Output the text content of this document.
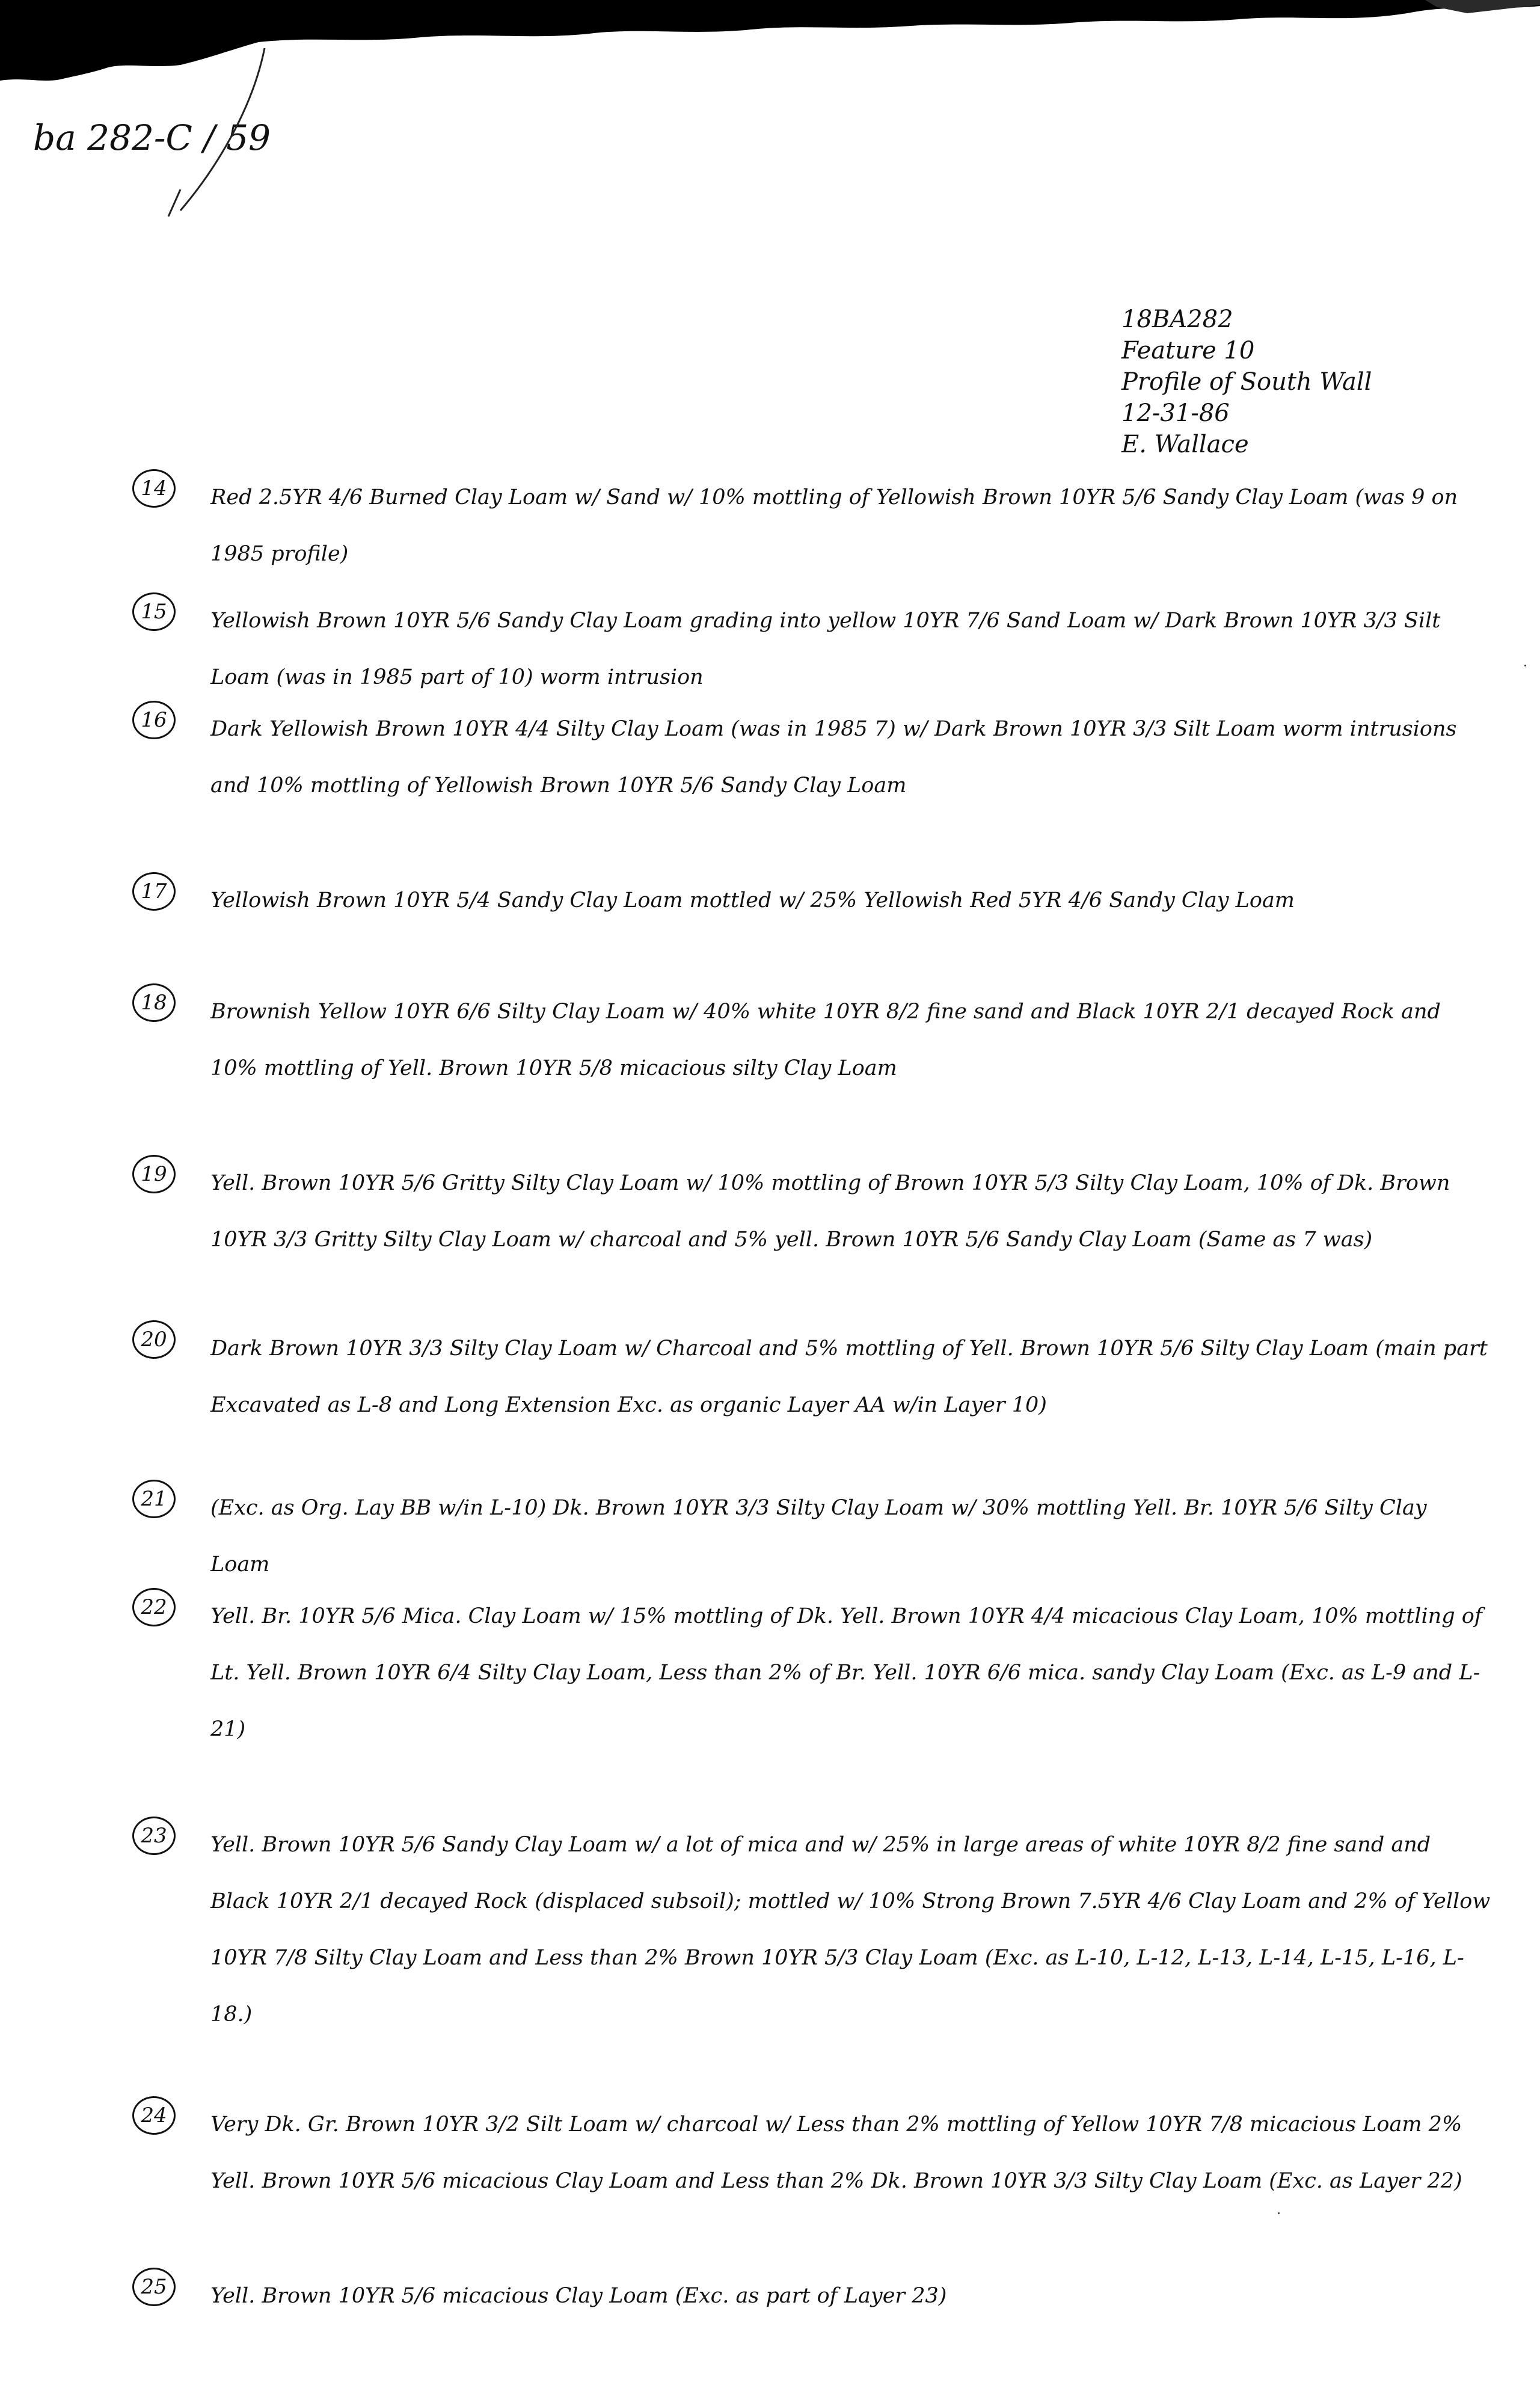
ba 282-C / 59
18BA282
Feature 10
Profile of South Wall
12-31-86
E. Wallace
14	Red 2.5YR 4/6 Burned Clay Loam w/ Sand w/ 10% mottling of Yellowish Brown 10YR 5/6 Sandy Clay Loam (was 9 on 1985 profile)
15	Yellowish Brown 10YR 5/6 Sandy Clay Loam grading into yellow 10YR 7/6 Sand Loam w/ Dark Brown 10YR 3/3 Silt Loam (was in 1985 part of 10) worm intrusion
16	Dark Yellowish Brown 10YR 4/4 Silty Clay Loam (was in 1985 7) w/ Dark Brown 10YR 3/3 Silt Loam worm intrusions and 10% mottling of Yellowish Brown 10YR 5/6 Sandy Clay Loam
17	Yellowish Brown 10YR 5/4 Sandy Clay Loam mottled w/ 25% Yellowish Red 5YR 4/6 Sandy Clay Loam
18	Brownish Yellow 10YR 6/6 Silty Clay Loam w/ 40% white 10YR 8/2 fine sand and Black 10YR 2/1 decayed Rock and 10% mottling of Yell. Brown 10YR 5/8 micacious silty Clay Loam
19	Yell. Brown 10YR 5/6 Gritty Silty Clay Loam w/ 10% mottling of Brown 10YR 5/3 Silty Clay Loam, 10% of Dk. Brown 10YR 3/3 Gritty Silty Clay Loam w/ charcoal and 5% yell. Brown 10YR 5/6 Sandy Clay Loam (Same as 7 was)
20	Dark Brown 10YR 3/3 Silty Clay Loam w/ Charcoal and 5% mottling of Yell. Brown 10YR 5/6 Silty Clay Loam (main part Excavated as L-8 and Long Extension Exc. as organic Layer AA w/in Layer 10)
21	(Exc. as Org. Lay BB w/in L-10) Dk. Brown 10YR 3/3 Silty Clay Loam w/ 30% mottling Yell. Br. 10YR 5/6 Silty Clay Loam
22	Yell. Br. 10YR 5/6 Mica. Clay Loam w/ 15% mottling of Dk. Yell. Brown 10YR 4/4 micacious Clay Loam, 10% mottling of Lt. Yell. Brown 10YR 6/4 Silty Clay Loam, Less than 2% of Br. Yell. 10YR 6/6 mica. sandy Clay Loam (Exc. as L-9 and L-21)
23	Yell. Brown 10YR 5/6 Sandy Clay Loam w/ a lot of mica and w/ 25% in large areas of white 10YR 8/2 fine sand and Black 10YR 2/1 decayed Rock (displaced subsoil); mottled w/ 10% Strong Brown 7.5YR 4/6 Clay Loam and 2% of Yellow 10YR 7/8 Silty Clay Loam and Less than 2% Brown 10YR 5/3 Clay Loam (Exc. as L-10, L-12, L-13, L-14, L-15, L-16, L-18.)
24	Very Dk. Gr. Brown 10YR 3/2 Silt Loam w/ charcoal w/ Less than 2% mottling of Yellow 10YR 7/8 micacious Loam 2% Yell. Brown 10YR 5/6 micacious Clay Loam and Less than 2% Dk. Brown 10YR 3/3 Silty Clay Loam (Exc. as Layer 22)
25	Yell. Brown 10YR 5/6 micacious Clay Loam (Exc. as part of Layer 23)
